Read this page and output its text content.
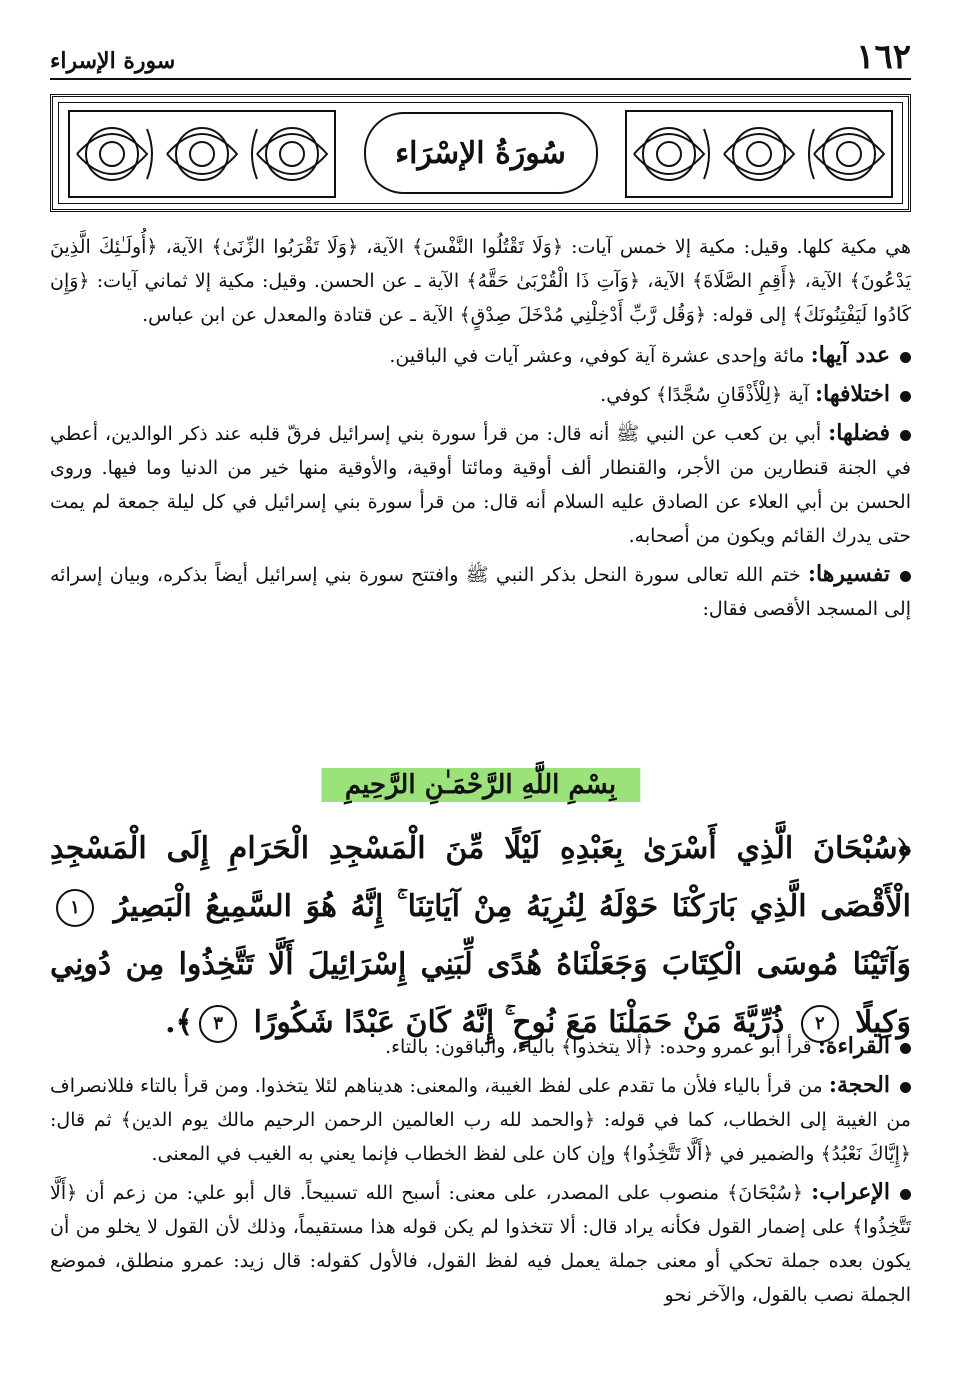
١٦٢
سورة الإسراء
سُورَةُ الإسْرَاء

هي مكية كلها. وقيل: مكية إلا خمس آيات: ﴿وَلَا تَقْتُلُوا النَّفْسَ﴾ الآية، ﴿وَلَا تَقْرَبُوا الزِّنَىٰ﴾ الآية، ﴿أُولَـٰئِكَ الَّذِينَ يَدْعُونَ﴾ الآية، ﴿أَقِمِ الصَّلَاةَ﴾ الآية، ﴿وَآتِ ذَا الْقُرْبَىٰ حَقَّهُ﴾ الآية ـ عن الحسن. وقيل: مكية إلا ثماني آيات: ﴿وَإِن كَادُوا لَيَفْتِنُونَكَ﴾ إلى قوله: ﴿وَقُل رَّبِّ أَدْخِلْنِي مُدْخَلَ صِدْقٍ﴾ الآية ـ عن قتادة والمعدل عن ابن عباس.

عدد آيها: مائة وإحدى عشرة آية كوفي، وعشر آيات في الباقين.

اختلافها: آية ﴿لِلْأَذْقَانِ سُجَّدًا﴾ كوفي.

فضلها: أبي بن كعب عن النبي ﷺ أنه قال: من قرأ سورة بني إسرائيل فرقّ قلبه عند ذكر الوالدين، أعطي في الجنة قنطارين من الأجر، والقنطار ألف أوقية ومائتا أوقية، والأوقية منها خير من الدنيا وما فيها. وروى الحسن بن أبي العلاء عن الصادق عليه السلام أنه قال: من قرأ سورة بني إسرائيل في كل ليلة جمعة لم يمت حتى يدرك القائم ويكون من أصحابه.

تفسيرها: ختم الله تعالى سورة النحل بذكر النبي ﷺ وافتتح سورة بني إسرائيل أيضاً بذكره، وبيان إسرائه إلى المسجد الأقصى فقال:

بِسْمِ اللَّهِ الرَّحْمَـٰنِ الرَّحِيمِ
﴿سُبْحَانَ الَّذِي أَسْرَىٰ بِعَبْدِهِ لَيْلًا مِّنَ الْمَسْجِدِ الْحَرَامِ إِلَى الْمَسْجِدِ الْأَقْصَى الَّذِي بَارَكْنَا حَوْلَهُ لِنُرِيَهُ مِنْ آيَاتِنَا ۚ إِنَّهُ هُوَ السَّمِيعُ الْبَصِيرُ ١ وَآتَيْنَا مُوسَى الْكِتَابَ وَجَعَلْنَاهُ هُدًى لِّبَنِي إِسْرَائِيلَ أَلَّا تَتَّخِذُوا مِن دُونِي وَكِيلًا ٢ ذُرِّيَّةَ مَنْ حَمَلْنَا مَعَ نُوحٍ ۚ إِنَّهُ كَانَ عَبْدًا شَكُورًا ٣﴾.

القراءة: قرأ أبو عمرو وحده: ﴿ألا يتخذوا﴾ بالياء، والباقون: بالتاء.

الحجة: من قرأ بالياء فلأن ما تقدم على لفظ الغيبة، والمعنى: هديناهم لئلا يتخذوا. ومن قرأ بالتاء فللانصراف من الغيبة إلى الخطاب، كما في قوله: ﴿والحمد لله رب العالمين الرحمن الرحيم مالك يوم الدين﴾ ثم قال: ﴿إِيَّاكَ نَعْبُدُ﴾ والضمير في ﴿أَلَّا تَتَّخِذُوا﴾ وإن كان على لفظ الخطاب فإنما يعني به الغيب في المعنى.

الإعراب: ﴿سُبْحَانَ﴾ منصوب على المصدر، على معنى: أسبح الله تسبيحاً. قال أبو علي: من زعم أن ﴿أَلَّا تَتَّخِذُوا﴾ على إضمار القول فكأنه يراد قال: ألا تتخذوا لم يكن قوله هذا مستقيماً، وذلك لأن القول لا يخلو من أن يكون بعده جملة تحكي أو معنى جملة يعمل فيه لفظ القول، فالأول كقوله: قال زيد: عمرو منطلق، فموضع الجملة نصب بالقول، والآخر نحو
